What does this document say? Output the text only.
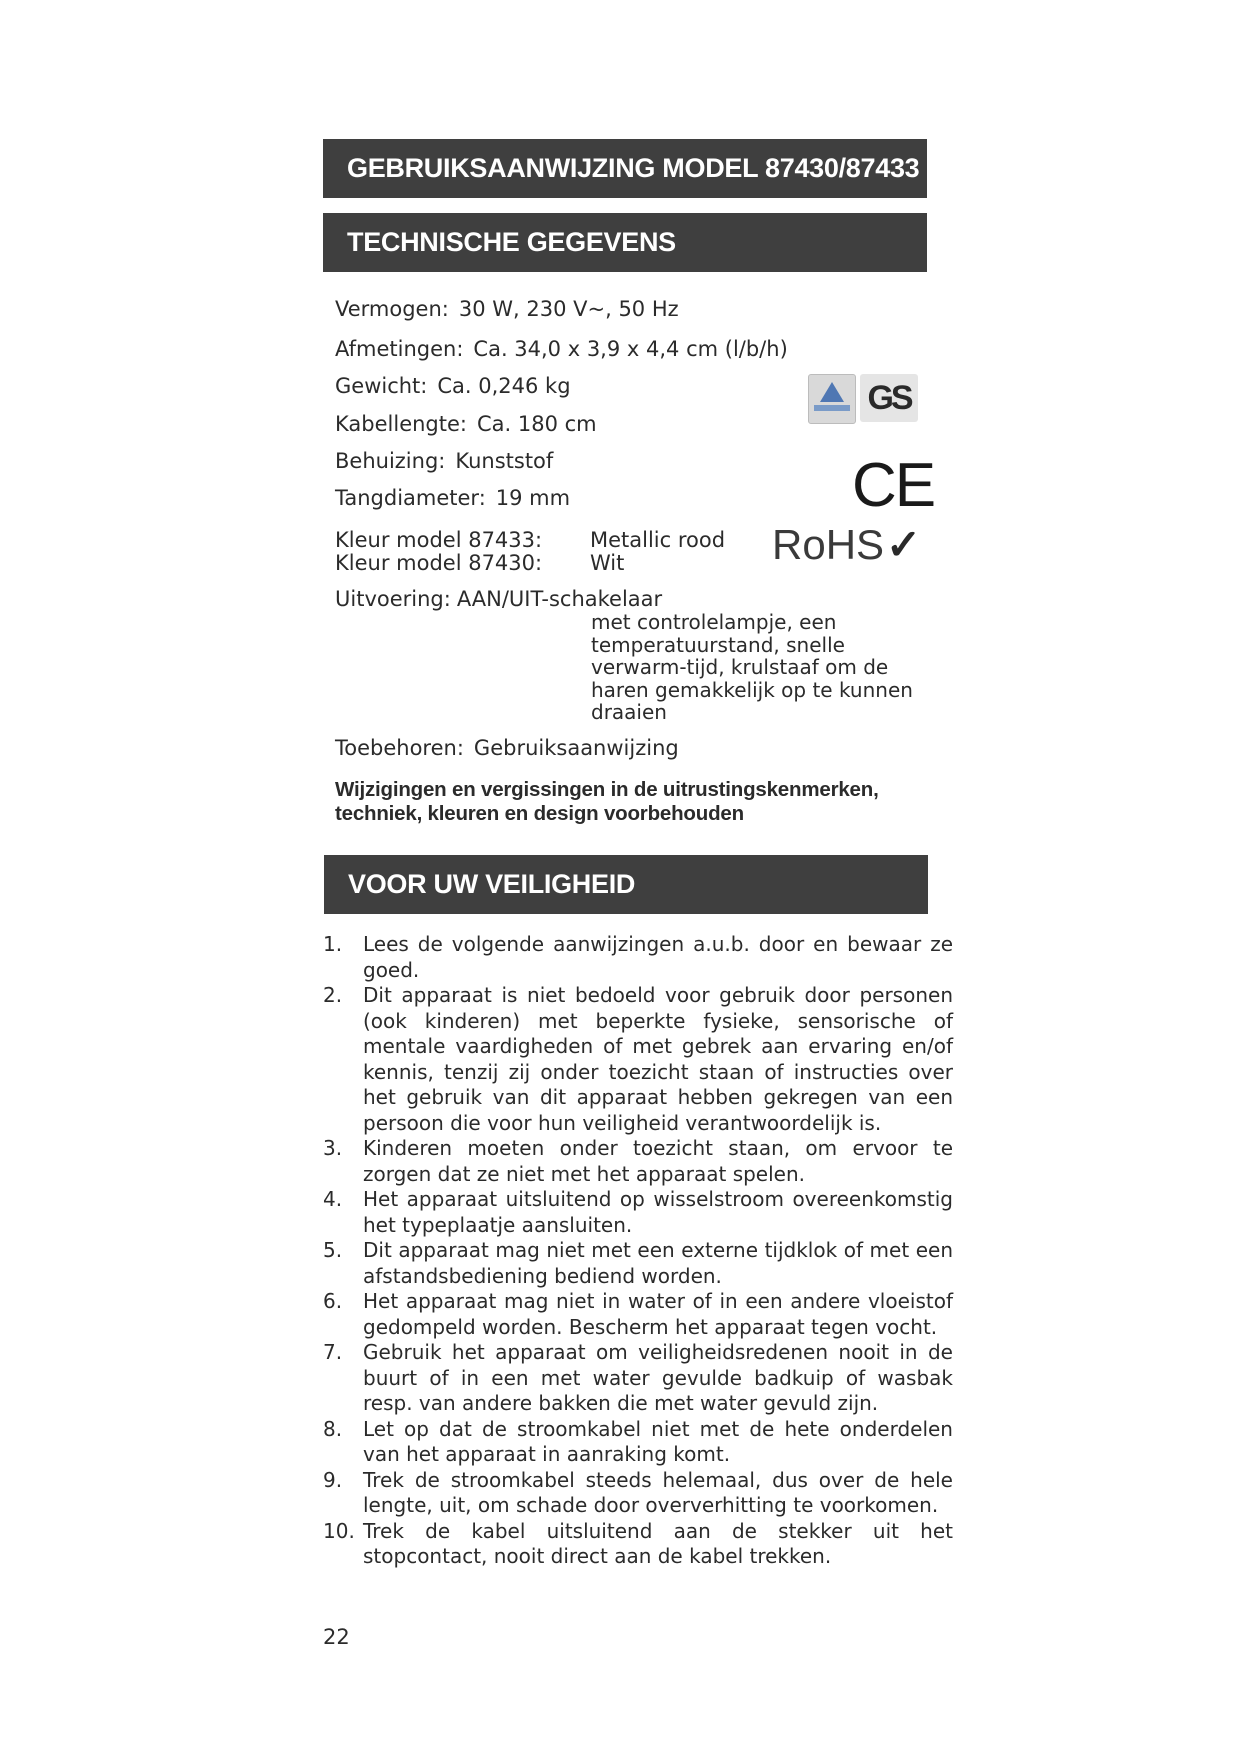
GEBRUIKSAANWIJZING MODEL 87430/87433
TECHNISCHE GEGEVENS
Vermogen: 30 W, 230 V~, 50 Hz
Afmetingen: Ca. 34,0 x 3,9 x 4,4 cm (l/b/h)
Gewicht: Ca. 0,246 kg
Kabellengte: Ca. 180 cm
Behuizing: Kunststof
Tangdiameter: 19 mm
Kleur model 87433: Metallic rood
Kleur model 87430: Wit
Uitvoering: AAN/UIT-schakelaar
met controlelampje, een temperatuurstand, snelle verwarm-tijd, krulstaaf om de haren gemakkelijk op te kunnen draaien
Toebehoren: Gebruiksaanwijzing
Wijzigingen en vergissingen in de uitrustingskenmerken, techniek, kleuren en design voorbehouden
GS
CE
RoHS✓
VOOR UW VEILIGHEID
1. Lees de volgende aanwijzingen a.u.b. door en bewaar ze goed.
2. Dit apparaat is niet bedoeld voor gebruik door personen (ook kinderen) met beperkte fysieke, sensorische of mentale vaardigheden of met gebrek aan ervaring en/of kennis, tenzij zij onder toezicht staan of instructies over het gebruik van dit apparaat hebben gekregen van een persoon die voor hun veiligheid verantwoordelijk is.
3. Kinderen moeten onder toezicht staan, om ervoor te zorgen dat ze niet met het apparaat spelen.
4. Het apparaat uitsluitend op wisselstroom overeenkomstig het typeplaatje aansluiten.
5. Dit apparaat mag niet met een externe tijdklok of met een afstandsbediening bediend worden.
6. Het apparaat mag niet in water of in een andere vloeistof gedompeld worden. Bescherm het apparaat tegen vocht.
7. Gebruik het apparaat om veiligheidsredenen nooit in de buurt of in een met water gevulde badkuip of wasbak resp. van andere bakken die met water gevuld zijn.
8. Let op dat de stroomkabel niet met de hete onderdelen van het apparaat in aanraking komt.
9. Trek de stroomkabel steeds helemaal, dus over de hele lengte, uit, om schade door oververhitting te voorkomen.
10. Trek de kabel uitsluitend aan de stekker uit het stopcontact, nooit direct aan de kabel trekken.
22
